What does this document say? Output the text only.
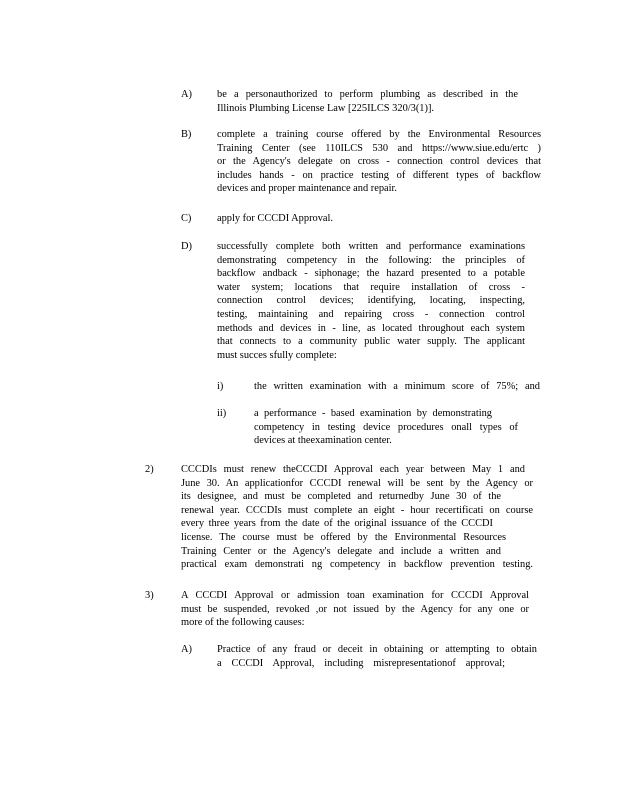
A) be a personauthorized to perform plumbing as described in the
Illinois Plumbing License Law [225ILCS 320/3(1)].
B) complete a training course offered by the Environmental Resources
Training Center (see 110ILCS 530 and https://www.siue.edu/ertc )
or the Agency's delegate on cross - connection control devices that
includes hands - on practice testing of different types of backflow
devices and proper maintenance and repair.
C) apply for CCCDI Approval.
D) successfully complete both written and performance examinations
demonstrating competency in the following: the principles of
backflow andback - siphonage; the hazard presented to a potable
water system; locations that require installation of cross -
connection control devices; identifying, locating, inspecting,
testing, maintaining and repairing cross - connection control
methods and devices in - line, as located throughout each system
that connects to a community public water supply. The applicant
must succes sfully complete:
i)	the written examination with a minimum score of 75%; and
ii)	a performance - based examination by demonstrating
competency in testing device procedures onall types of
devices at theexamination center.
2)	CCCDIs must renew theCCCDI Approval each year between May 1 and
June 30. An applicationfor CCCDI renewal will be sent by the Agency or
its designee, and must be completed and returnedby June 30 of the
renewal year. CCCDIs must complete an eight - hour recertificati on course
every three years from the date of the original issuance of the CCCDI
license. The course must be offered by the Environmental Resources
Training Center or the Agency's delegate and include a written and
practical exam demonstrati ng competency in backflow prevention testing.
3)	A CCCDI Approval or admission toan examination for CCCDI Approval
must be suspended, revoked ,or not issued by the Agency for any one or
more of the following causes:
A) Practice of any fraud or deceit in obtaining or attempting to obtain
a CCCDI Approval, including misrepresentationof approval;
